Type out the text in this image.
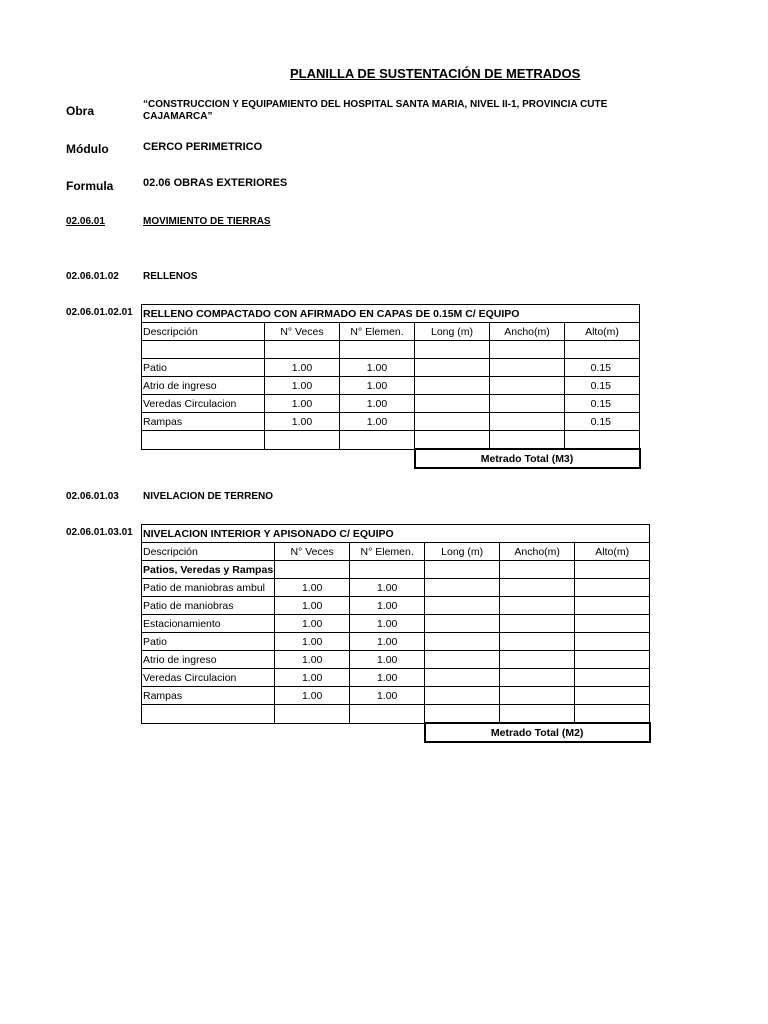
PLANILLA DE SUSTENTACIÓN DE METRADOS
Obra	“CONSTRUCCION Y EQUIPAMIENTO DEL HOSPITAL SANTA MARIA, NIVEL II-1, PROVINCIA CUTE
CAJAMARCA”
Módulo	CERCO PERIMETRICO
Formula	02.06 OBRAS EXTERIORES
02.06.01	MOVIMIENTO DE TIERRAS
02.06.01.02 RELLENOS
02.06.01.02.01 RELLENO COMPACTADO CON AFIRMADO EN CAPAS DE 0.15M C/ EQUIPO					
Descripción	N° Veces	N° Elemen.	Long (m)	Ancho(m)	Alto(m)

Patio	1.00	1.00			0.15
Atrio de ingreso	1.00	1.00			0.15
Veredas Circulacion	1.00	1.00			0.15
Rampas	1.00	1.00			0.15

			Metrado Total (M3)		
02.06.01.03 NIVELACION DE TERRENO
02.06.01.03.01 NIVELACION INTERIOR Y APISONADO C/ EQUIPO					
Descripción	N° Veces	N° Elemen.	Long (m)	Ancho(m)	Alto(m)
Patios, Veredas y Rampas					
Patio de maniobras ambul	1.00	1.00			
Patio de maniobras	1.00	1.00			
Estacionamiento	1.00	1.00			
Patio	1.00	1.00			
Atrio de ingreso	1.00	1.00			
Veredas Circulacion	1.00	1.00			
Rampas	1.00	1.00			

			Metrado Total (M2)		
